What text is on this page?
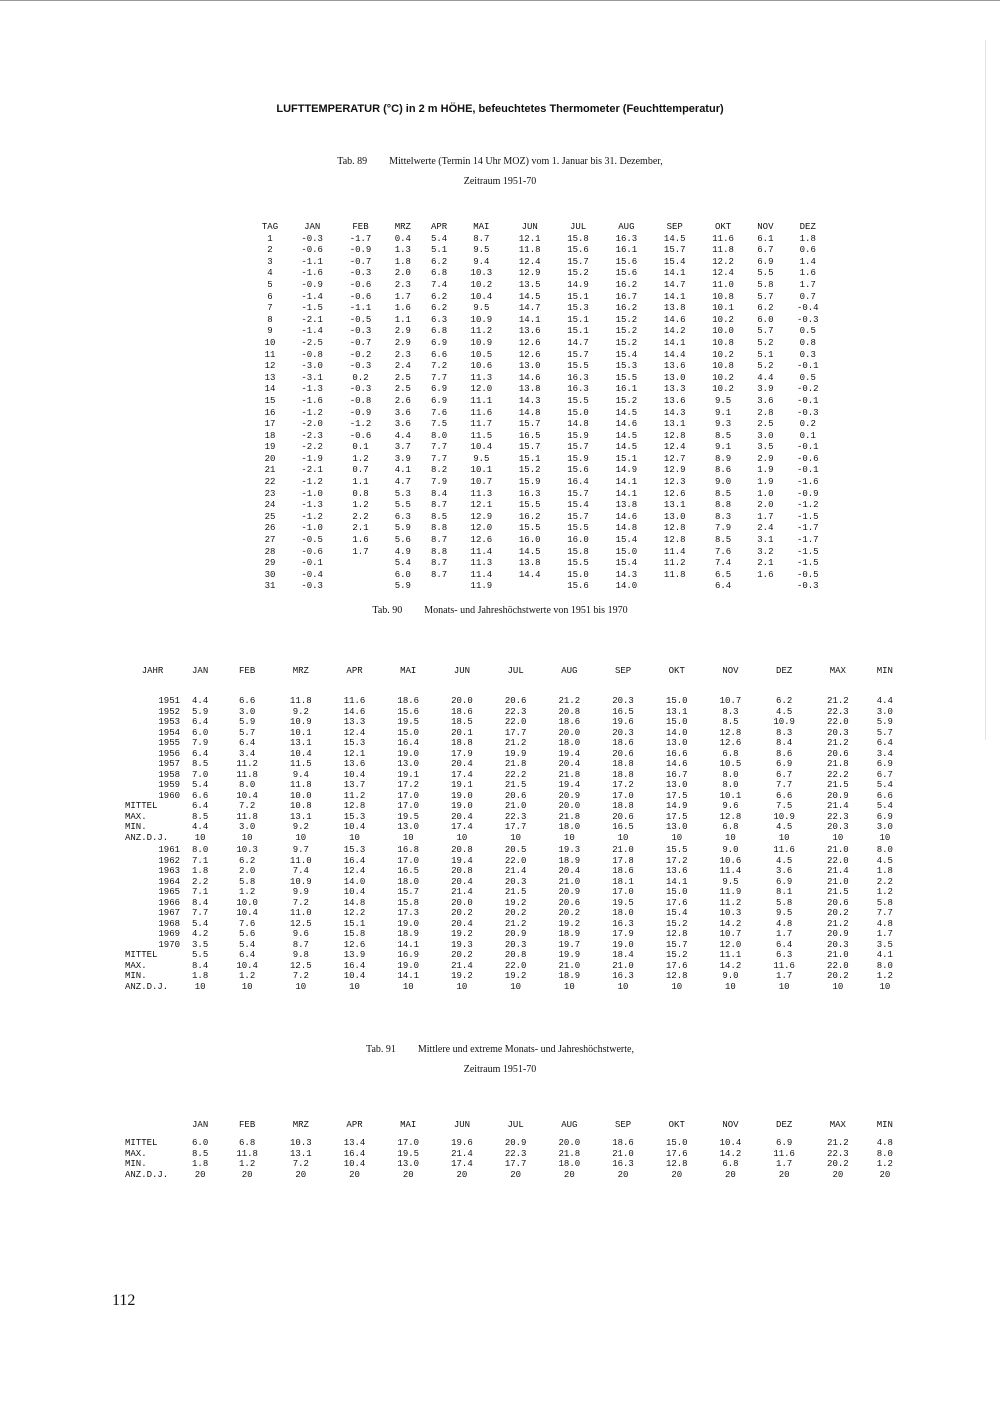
LUFTTEMPERATUR (°C) in 2 m HÖHE, befeuchtetes Thermometer (Feuchttemperatur)
Tab. 89 Mittelwerte (Termin 14 Uhr MOZ) vom 1. Januar bis 31. Dezember,
Zeitraum 1951-70
TAG	JAN	FEB	MRZ	APR	MAI	JUN	JUL	AUG	SEP	OKT	NOV	DEZ
1	-0.3	-1.7	0.4	5.4	8.7	12.1	15.8	16.3	14.5	11.6	6.1	1.8
2	-0.6	-0.9	1.3	5.1	9.5	11.8	15.6	16.1	15.7	11.8	6.7	0.6
3	-1.1	-0.7	1.8	6.2	9.4	12.4	15.7	15.6	15.4	12.2	6.9	1.4
4	-1.6	-0.3	2.0	6.8	10.3	12.9	15.2	15.6	14.1	12.4	5.5	1.6
5	-0.9	-0.6	2.3	7.4	10.2	13.5	14.9	16.2	14.7	11.0	5.8	1.7
6	-1.4	-0.6	1.7	6.2	10.4	14.5	15.1	16.7	14.1	10.8	5.7	0.7
7	-1.5	-1.1	1.6	6.2	9.5	14.7	15.3	16.2	13.8	10.1	6.2	-0.4
8	-2.1	-0.5	1.1	6.3	10.9	14.1	15.1	15.2	14.6	10.2	6.0	-0.3
9	-1.4	-0.3	2.9	6.8	11.2	13.6	15.1	15.2	14.2	10.0	5.7	0.5
10	-2.5	-0.7	2.9	6.9	10.9	12.6	14.7	15.2	14.1	10.8	5.2	0.8
11	-0.8	-0.2	2.3	6.6	10.5	12.6	15.7	15.4	14.4	10.2	5.1	0.3
12	-3.0	-0.3	2.4	7.2	10.6	13.0	15.5	15.3	13.6	10.8	5.2	-0.1
13	-3.1	0.2	2.5	7.7	11.3	14.6	16.3	15.5	13.0	10.2	4.4	0.5
14	-1.3	-0.3	2.5	6.9	12.0	13.8	16.3	16.1	13.3	10.2	3.9	-0.2
15	-1.6	-0.8	2.6	6.9	11.1	14.3	15.5	15.2	13.6	9.5	3.6	-0.1
16	-1.2	-0.9	3.6	7.6	11.6	14.8	15.0	14.5	14.3	9.1	2.8	-0.3
17	-2.0	-1.2	3.6	7.5	11.7	15.7	14.8	14.6	13.1	9.3	2.5	0.2
18	-2.3	-0.6	4.4	8.0	11.5	16.5	15.9	14.5	12.8	8.5	3.0	0.1
19	-2.2	0.1	3.7	7.7	10.4	15.7	15.7	14.5	12.4	9.1	3.5	-0.1
20	-1.9	1.2	3.9	7.7	9.5	15.1	15.9	15.1	12.7	8.9	2.9	-0.6
21	-2.1	0.7	4.1	8.2	10.1	15.2	15.6	14.9	12.9	8.6	1.9	-0.1
22	-1.2	1.1	4.7	7.9	10.7	15.9	16.4	14.1	12.3	9.0	1.9	-1.6
23	-1.0	0.8	5.3	8.4	11.3	16.3	15.7	14.1	12.6	8.5	1.0	-0.9
24	-1.3	1.2	5.5	8.7	12.1	15.5	15.4	13.8	13.1	8.8	2.0	-1.2
25	-1.2	2.2	6.3	8.5	12.9	16.2	15.7	14.6	13.0	8.3	1.7	-1.5
26	-1.0	2.1	5.9	8.8	12.0	15.5	15.5	14.8	12.8	7.9	2.4	-1.7
27	-0.5	1.6	5.6	8.7	12.6	16.0	16.0	15.4	12.8	8.5	3.1	-1.7
28	-0.6	1.7	4.9	8.8	11.4	14.5	15.8	15.0	11.4	7.6	3.2	-1.5
29	-0.1		5.4	8.7	11.3	13.8	15.5	15.4	11.2	7.4	2.1	-1.5
30	-0.4		6.0	8.7	11.4	14.4	15.0	14.3	11.8	6.5	1.6	-0.5
31	-0.3		5.9		11.9		15.6	14.0		6.4		-0.3
Tab. 90 Monats- und Jahreshöchstwerte von 1951 bis 1970
JAHR	JAN	FEB	MRZ	APR	MAI	JUN	JUL	AUG	SEP	OKT	NOV	DEZ	MAX	MIN
1951	4.4	6.6	11.8	11.6	18.6	20.0	20.6	21.2	20.3	15.0	10.7	6.2	21.2	4.4
1952	5.9	3.0	9.2	14.6	15.6	18.6	22.3	20.8	16.5	13.1	8.3	4.5	22.3	3.0
1953	6.4	5.9	10.9	13.3	19.5	18.5	22.0	18.6	19.6	15.0	8.5	10.9	22.0	5.9
1954	6.0	5.7	10.1	12.4	15.0	20.1	17.7	20.0	20.3	14.0	12.8	8.3	20.3	5.7
1955	7.9	6.4	13.1	15.3	16.4	18.8	21.2	18.0	18.6	13.0	12.6	8.4	21.2	6.4
1956	6.4	3.4	10.4	12.1	19.0	17.9	19.9	19.4	20.6	16.6	6.8	8.6	20.6	3.4
1957	8.5	11.2	11.5	13.6	13.0	20.4	21.8	20.4	18.8	14.6	10.5	6.9	21.8	6.9
1958	7.0	11.8	9.4	10.4	19.1	17.4	22.2	21.8	18.8	16.7	8.0	6.7	22.2	6.7
1959	5.4	8.0	11.8	13.7	17.2	19.1	21.5	19.4	17.2	13.0	8.0	7.7	21.5	5.4
1960	6.6	10.4	10.0	11.2	17.0	19.0	20.6	20.9	17.0	17.5	10.1	6.6	20.9	6.6
MITTEL	6.4	7.2	10.8	12.8	17.0	19.0	21.0	20.0	18.8	14.9	9.6	7.5	21.4	5.4
MAX.	8.5	11.8	13.1	15.3	19.5	20.4	22.3	21.8	20.6	17.5	12.8	10.9	22.3	6.9
MIN.	4.4	3.0	9.2	10.4	13.0	17.4	17.7	18.0	16.5	13.0	6.8	4.5	20.3	3.0
ANZ.D.J.	10	10	10	10	10	10	10	10	10	10	10	10	10	10
1961	8.0	10.3	9.7	15.3	16.8	20.8	20.5	19.3	21.0	15.5	9.0	11.6	21.0	8.0
1962	7.1	6.2	11.0	16.4	17.0	19.4	22.0	18.9	17.8	17.2	10.6	4.5	22.0	4.5
1963	1.8	2.0	7.4	12.4	16.5	20.8	21.4	20.4	18.6	13.6	11.4	3.6	21.4	1.8
1964	2.2	5.8	10.9	14.0	18.0	20.4	20.3	21.0	18.1	14.1	9.5	6.9	21.0	2.2
1965	7.1	1.2	9.9	10.4	15.7	21.4	21.5	20.9	17.0	15.0	11.9	8.1	21.5	1.2
1966	8.4	10.0	7.2	14.8	15.8	20.0	19.2	20.6	19.5	17.6	11.2	5.8	20.6	5.8
1967	7.7	10.4	11.0	12.2	17.3	20.2	20.2	20.2	18.0	15.4	10.3	9.5	20.2	7.7
1968	5.4	7.6	12.5	15.1	19.0	20.4	21.2	19.2	16.3	15.2	14.2	4.8	21.2	4.8
1969	4.2	5.6	9.6	15.8	18.9	19.2	20.9	18.9	17.9	12.8	10.7	1.7	20.9	1.7
1970	3.5	5.4	8.7	12.6	14.1	19.3	20.3	19.7	19.0	15.7	12.0	6.4	20.3	3.5
MITTEL	5.5	6.4	9.8	13.9	16.9	20.2	20.8	19.9	18.4	15.2	11.1	6.3	21.0	4.1
MAX.	8.4	10.4	12.5	16.4	19.0	21.4	22.0	21.0	21.0	17.6	14.2	11.6	22.0	8.0
MIN.	1.8	1.2	7.2	10.4	14.1	19.2	19.2	18.9	16.3	12.8	9.0	1.7	20.2	1.2
ANZ.D.J.	10	10	10	10	10	10	10	10	10	10	10	10	10	10
Tab. 91 Mittlere und extreme Monats- und Jahreshöchstwerte,
Zeitraum 1951-70
	JAN	FEB	MRZ	APR	MAI	JUN	JUL	AUG	SEP	OKT	NOV	DEZ	MAX	MIN
MITTEL	6.0	6.8	10.3	13.4	17.0	19.6	20.9	20.0	18.6	15.0	10.4	6.9	21.2	4.8
MAX.	8.5	11.8	13.1	16.4	19.5	21.4	22.3	21.8	21.0	17.6	14.2	11.6	22.3	8.0
MIN.	1.8	1.2	7.2	10.4	13.0	17.4	17.7	18.0	16.3	12.8	6.8	1.7	20.2	1.2
ANZ.D.J.	20	20	20	20	20	20	20	20	20	20	20	20	20	20
112
